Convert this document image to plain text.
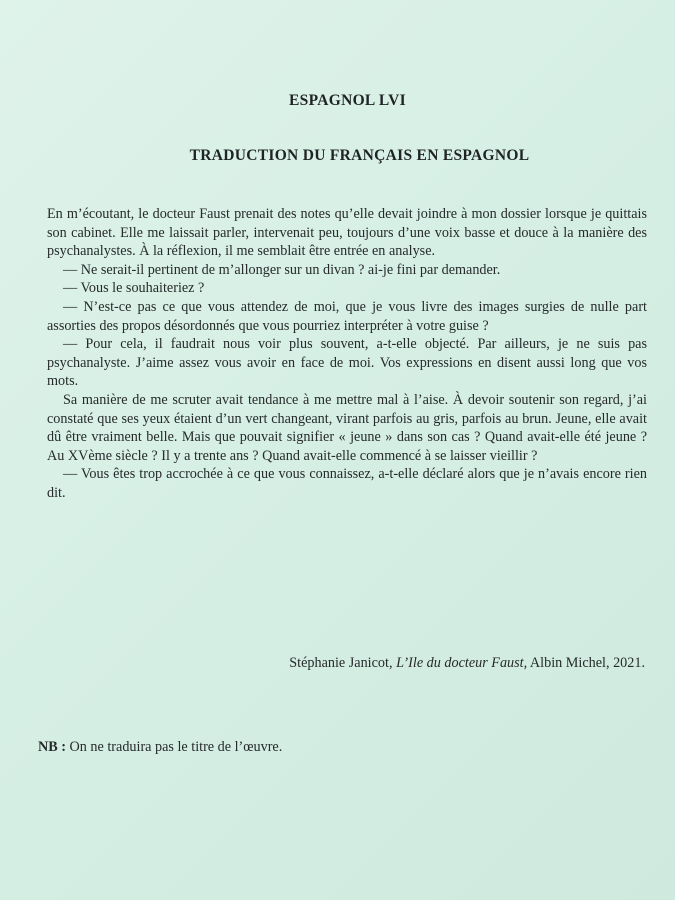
ESPAGNOL LVI
TRADUCTION DU FRANÇAIS EN ESPAGNOL

En m’écoutant, le docteur Faust prenait des notes qu’elle devait joindre à mon dossier lorsque je quittais son cabinet. Elle me laissait parler, intervenait peu, toujours d’une voix basse et douce à la manière des psychanalystes. À la réflexion, il me semblait être entrée en analyse.

— Ne serait-il pertinent de m’allonger sur un divan ? ai-je fini par demander.

— Vous le souhaiteriez ?

— N’est-ce pas ce que vous attendez de moi, que je vous livre des images surgies de nulle part assorties des propos désordonnés que vous pourriez interpréter à votre guise ?

— Pour cela, il faudrait nous voir plus souvent, a-t-elle objecté. Par ailleurs, je ne suis pas psychanalyste. J’aime assez vous avoir en face de moi. Vos expressions en disent aussi long que vos mots.

Sa manière de me scruter avait tendance à me mettre mal à l’aise. À devoir soutenir son regard, j’ai constaté que ses yeux étaient d’un vert changeant, virant parfois au gris, parfois au brun. Jeune, elle avait dû être vraiment belle. Mais que pouvait signifier « jeune » dans son cas ? Quand avait-elle été jeune ? Au XVème siècle ? Il y a trente ans ? Quand avait-elle commencé à se laisser vieillir ?

— Vous êtes trop accrochée à ce que vous connaissez, a-t-elle déclaré alors que je n’avais encore rien dit.

Stéphanie Janicot, L’Ile du docteur Faust, Albin Michel, 2021.
NB : On ne traduira pas le titre de l’œuvre.
